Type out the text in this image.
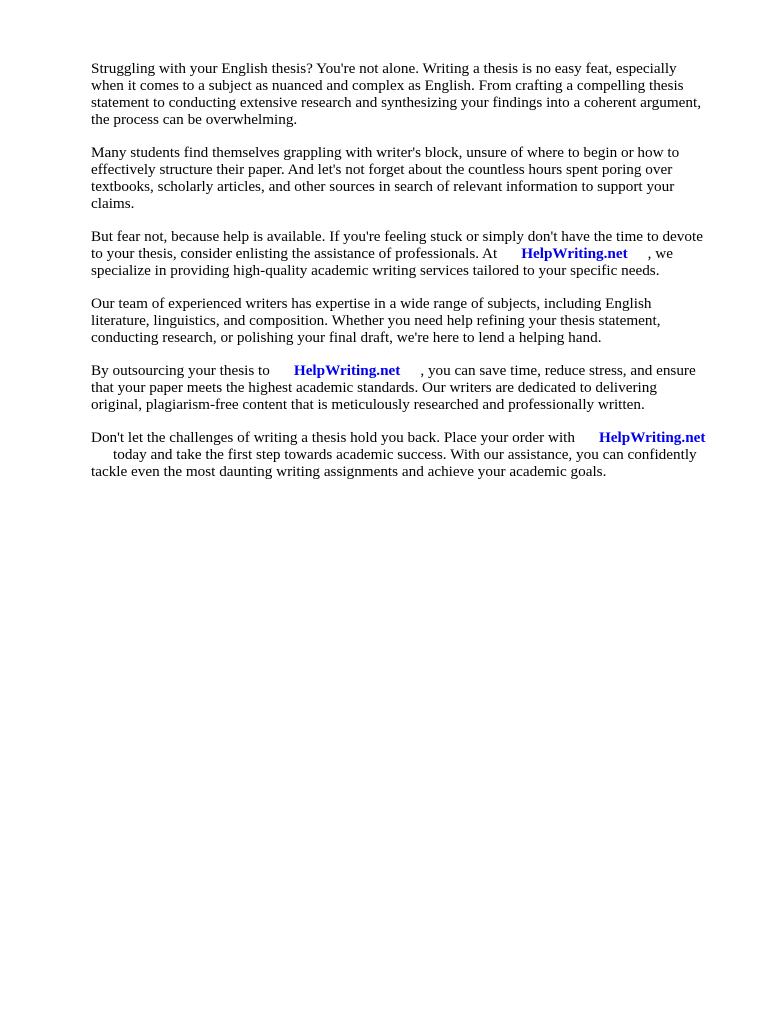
Struggling with your English thesis? You're not alone. Writing a thesis is no easy feat, especially
when it comes to a subject as nuanced and complex as English. From crafting a compelling thesis
statement to conducting extensive research and synthesizing your findings into a coherent argument,
the process can be overwhelming.

Many students find themselves grappling with writer's block, unsure of where to begin or how to
effectively structure their paper. And let's not forget about the countless hours spent poring over
textbooks, scholarly articles, and other sources in search of relevant information to support your
claims.

But fear not, because help is available. If you're feeling stuck or simply don't have the time to devote
to your thesis, consider enlisting the assistance of professionals. At HelpWriting.net , we
specialize in providing high-quality academic writing services tailored to your specific needs.

Our team of experienced writers has expertise in a wide range of subjects, including English
literature, linguistics, and composition. Whether you need help refining your thesis statement,
conducting research, or polishing your final draft, we're here to lend a helping hand.

By outsourcing your thesis to HelpWriting.net , you can save time, reduce stress, and ensure
that your paper meets the highest academic standards. Our writers are dedicated to delivering
original, plagiarism-free content that is meticulously researched and professionally written.

Don't let the challenges of writing a thesis hold you back. Place your order with HelpWriting.net
today and take the first step towards academic success. With our assistance, you can confidently
tackle even the most daunting writing assignments and achieve your academic goals.
